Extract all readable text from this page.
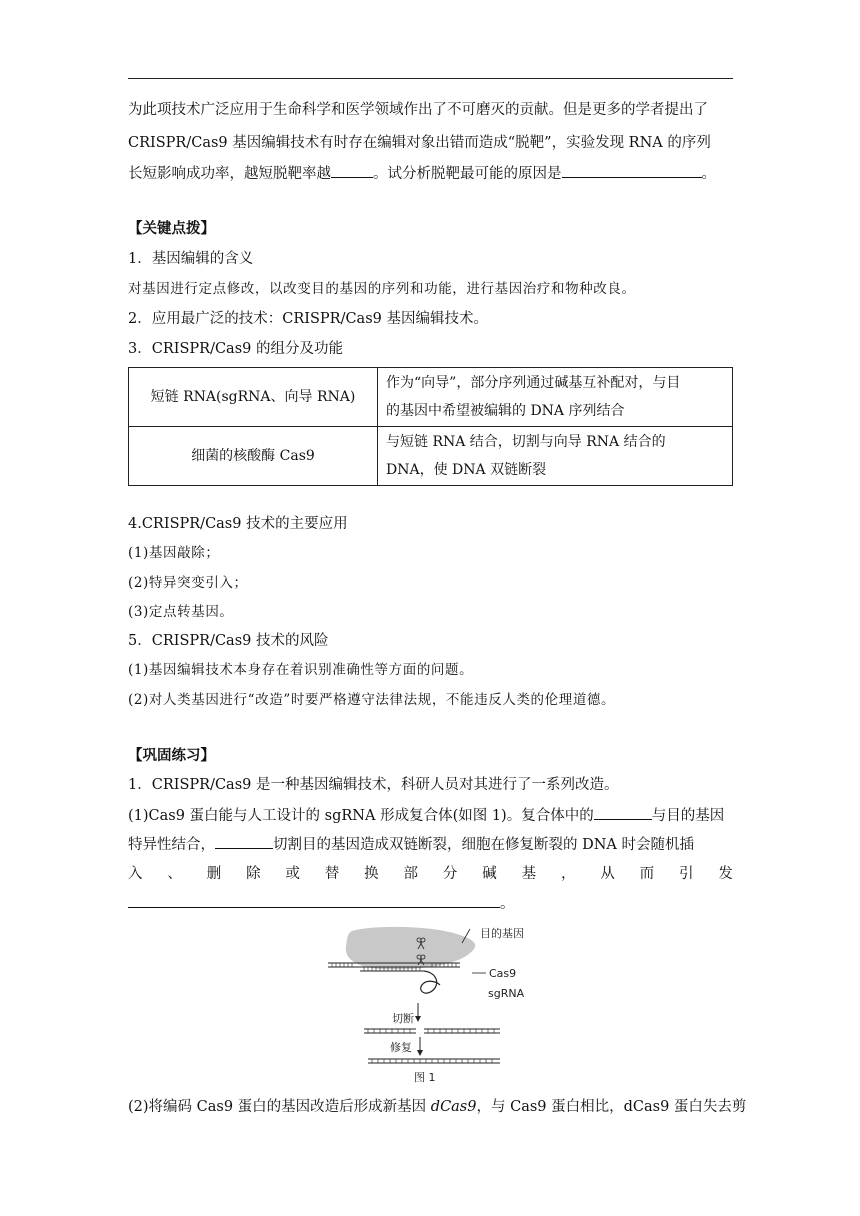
为此项技术广泛应用于生命科学和医学领域作出了不可磨灭的贡献。但是更多的学者提出了
CRISPR/Cas9 基因编辑技术有时存在编辑对象出错而造成“脱靶”，实验发现 RNA 的序列
长短影响成功率，越短脱靶率越	。试分析脱靶最可能的原因是	。
【关键点拨】
1．基因编辑的含义
对基因进行定点修改，以改变目的基因的序列和功能，进行基因治疗和物种改良。
2．应用最广泛的技术：CRISPR/Cas9 基因编辑技术。
3．CRISPR/Cas9 的组分及功能
短链 RNA(sgRNA、向导 RNA)	作为“向导”，部分序列通过碱基互补配对，与目
的基因中希望被编辑的 DNA 序列结合

细菌的核酸酶 Cas9	与短链 RNA 结合，切割与向导 RNA 结合的
DNA，使 DNA 双链断裂
4.CRISPR/Cas9 技术的主要应用
(1)基因敲除；
(2)特异突变引入；
(3)定点转基因。
5．CRISPR/Cas9 技术的风险
(1)基因编辑技术本身存在着识别准确性等方面的问题。
(2)对人类基因进行“改造”时要严格遵守法律法规，不能违反人类的伦理道德。
【巩固练习】
1．CRISPR/Cas9 是一种基因编辑技术，科研人员对其进行了一系列改造。
(1)Cas9 蛋白能与人工设计的 sgRNA 形成复合体(如图 1)。复合体中的	与目的基因
特异性结合，	切割目的基因造成双链断裂，细胞在修复断裂的 DNA 时会随机插
入 、 删 除 或 替 换 部 分 碱 基 ， 从 而 引 发
。
目的基因
Cas9
sgRNA
切断
修复
图 1
(2)将编码 Cas9 蛋白的基因改造后形成新基因 dCas9，与 Cas9 蛋白相比，dCas9 蛋白失去剪
